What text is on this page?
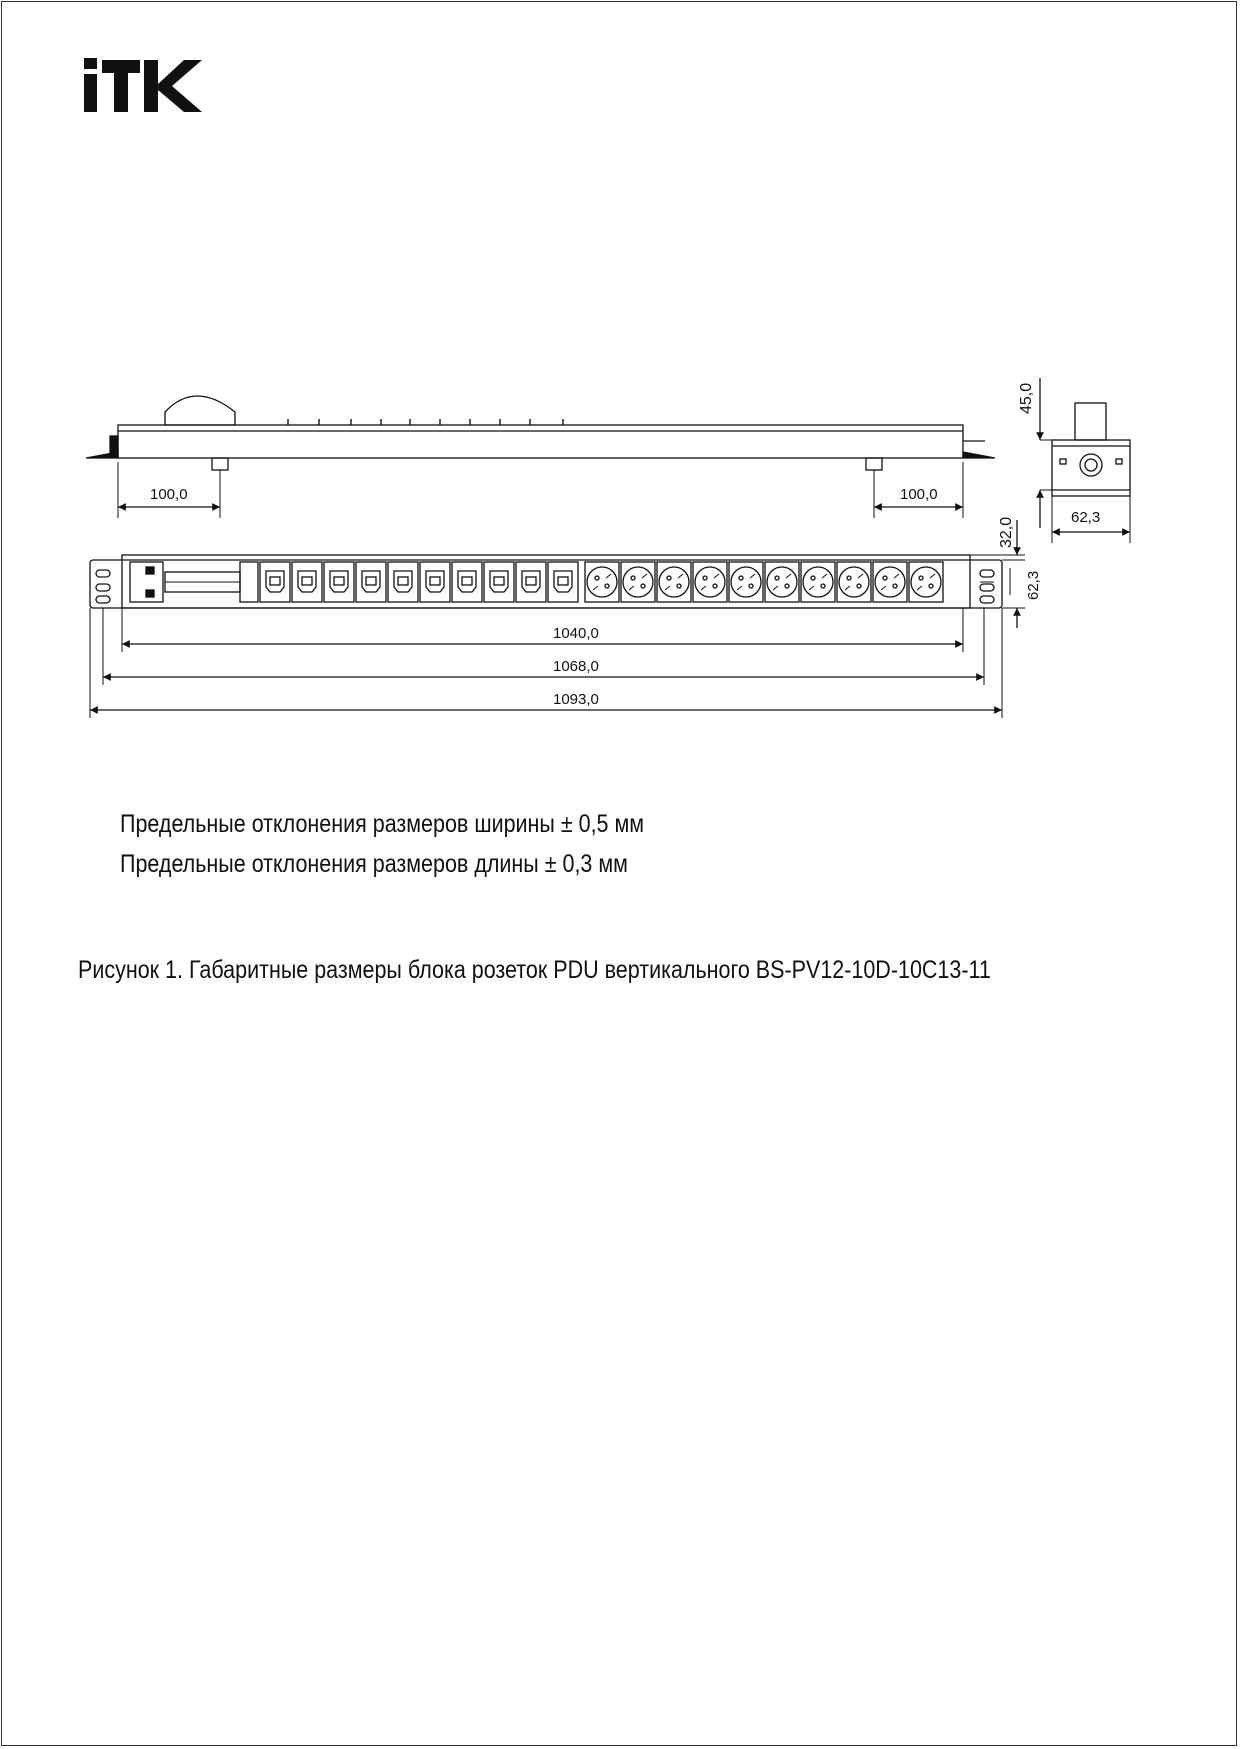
100,0	100,0
45,0
62,3
32,0
62,3
1040,0
1068,0
1093,0
Предельные отклонения размеров ширины ± 0,5 мм
Предельные отклонения размеров длины ± 0,3 мм
Рисунок 1. Габаритные размеры блока розеток PDU вертикального BS-PV12-10D-10C13-11
